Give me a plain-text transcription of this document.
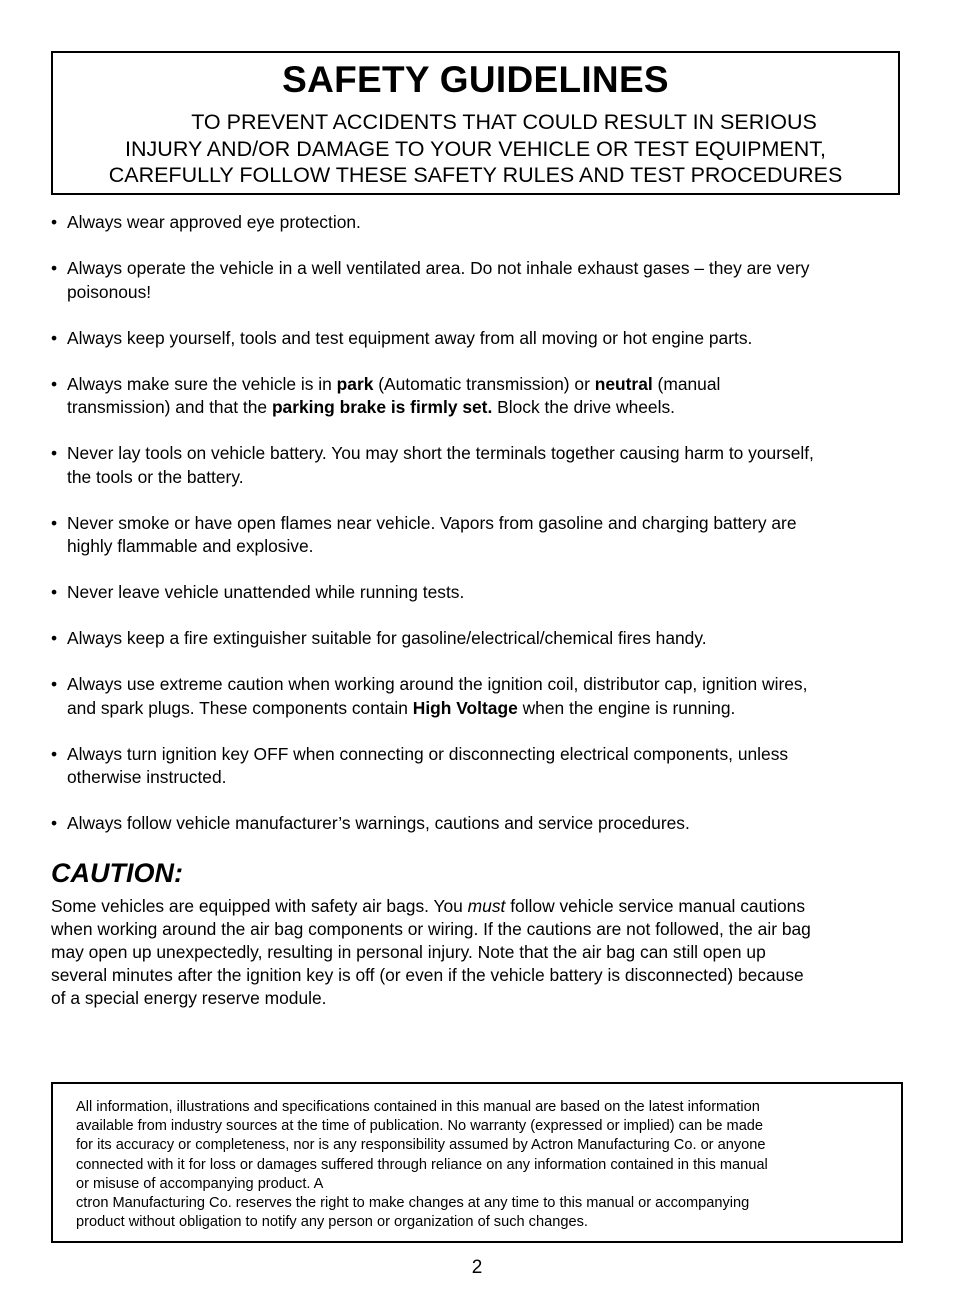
SAFETY GUIDELINES
TO PREVENT ACCIDENTS THAT COULD RESULT IN SERIOUS
INJURY AND/OR DAMAGE TO YOUR VEHICLE OR TEST EQUIPMENT,
CAREFULLY FOLLOW THESE SAFETY RULES AND TEST PROCEDURES
• Always wear approved eye protection.
• Always operate the vehicle in a well ventilated area. Do not inhale exhaust gases – they are very
poisonous!
• Always keep yourself, tools and test equipment away from all moving or hot engine parts.
• Always make sure the vehicle is in park (Automatic transmission) or neutral (manual
transmission) and that the parking brake is firmly set. Block the drive wheels.
• Never lay tools on vehicle battery. You may short the terminals together causing harm to yourself,
the tools or the battery.
• Never smoke or have open flames near vehicle. Vapors from gasoline and charging battery are
highly flammable and explosive.
• Never leave vehicle unattended while running tests.
• Always keep a fire extinguisher suitable for gasoline/electrical/chemical fires handy.
• Always use extreme caution when working around the ignition coil, distributor cap, ignition wires,
and spark plugs. These components contain High Voltage when the engine is running.
• Always turn ignition key OFF when connecting or disconnecting electrical components, unless
otherwise instructed.
• Always follow vehicle manufacturer’s warnings, cautions and service procedures.
CAUTION:
Some vehicles are equipped with safety air bags. You must follow vehicle service manual cautions
when working around the air bag components or wiring. If the cautions are not followed, the air bag
may open up unexpectedly, resulting in personal injury. Note that the air bag can still open up
several minutes after the ignition key is off (or even if the vehicle battery is disconnected) because
of a special energy reserve module.
All information, illustrations and specifications contained in this manual are based on the latest information
available from industry sources at the time of publication. No warranty (expressed or implied) can be made
for its accuracy or completeness, nor is any responsibility assumed by Actron Manufacturing Co. or anyone
connected with it for loss or damages suffered through reliance on any information contained in this manual
or misuse of accompanying product. A
ctron Manufacturing Co. reserves the right to make changes at any time to this manual or accompanying
product without obligation to notify any person or organization of such changes.
2
